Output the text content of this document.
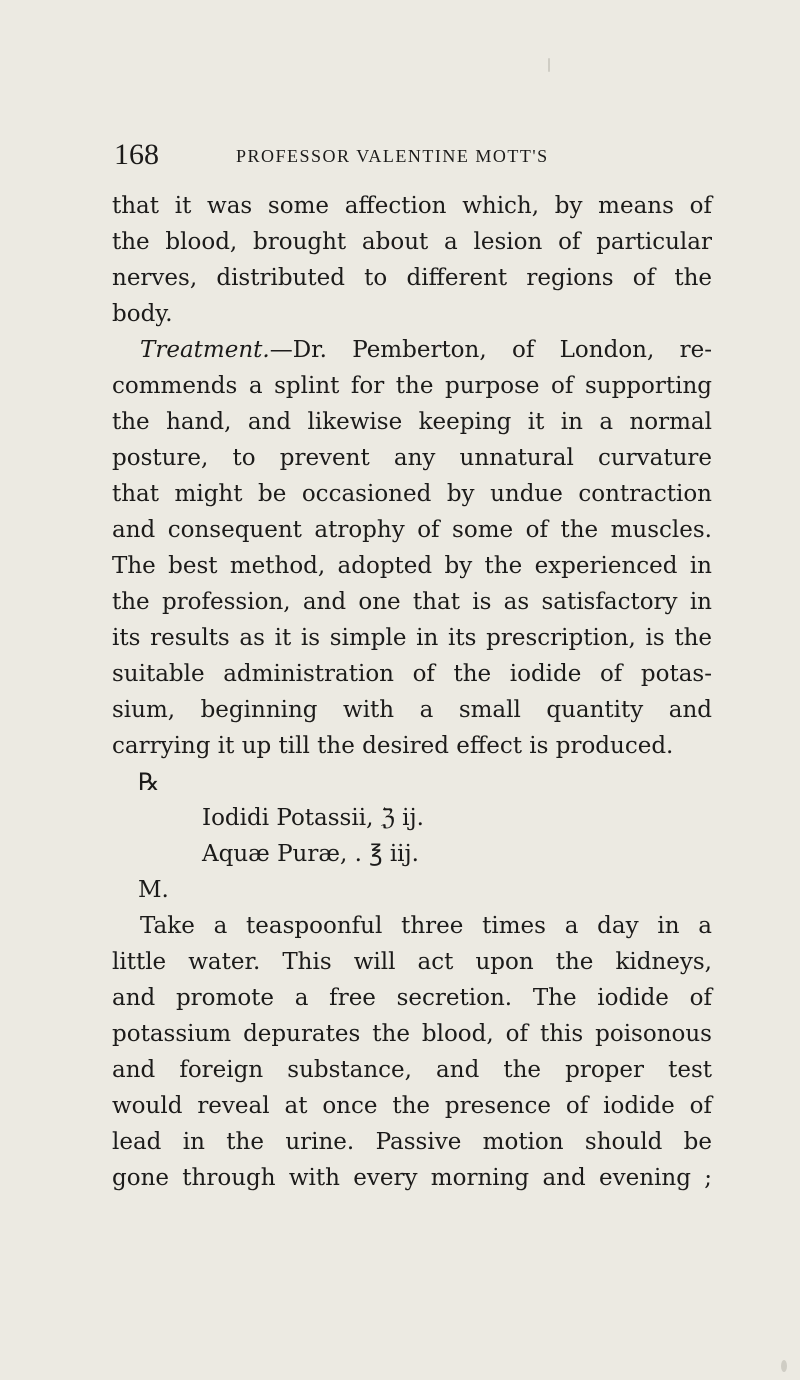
168	PROFESSOR VALENTINE MOTT'S
that it was some affection which, by means of
the blood, brought about a lesion of particular
nerves, distributed to different regions of the
body.
Treatment.—Dr. Pemberton, of London, re-
commends a splint for the purpose of supporting
the hand, and likewise keeping it in a normal
posture, to prevent any unnatural curvature
that might be occasioned by undue contraction
and consequent atrophy of some of the muscles.
The best method, adopted by the experienced in
the profession, and one that is as satisfactory in
its results as it is simple in its prescription, is the
suitable administration of the iodide of potas-
sium, beginning with a small quantity and
carrying it up till the desired effect is produced.
℞
Iodidi Potassii, ℨ ij.
Aquæ Puræ, . ℥ iij.
M.
Take a teaspoonful three times a day in a
little water. This will act upon the kidneys,
and promote a free secretion. The iodide of
potassium depurates the blood, of this poisonous
and foreign substance, and the proper test
would reveal at once the presence of iodide of
lead in the urine. Passive motion should be
gone through with every morning and evening ;
